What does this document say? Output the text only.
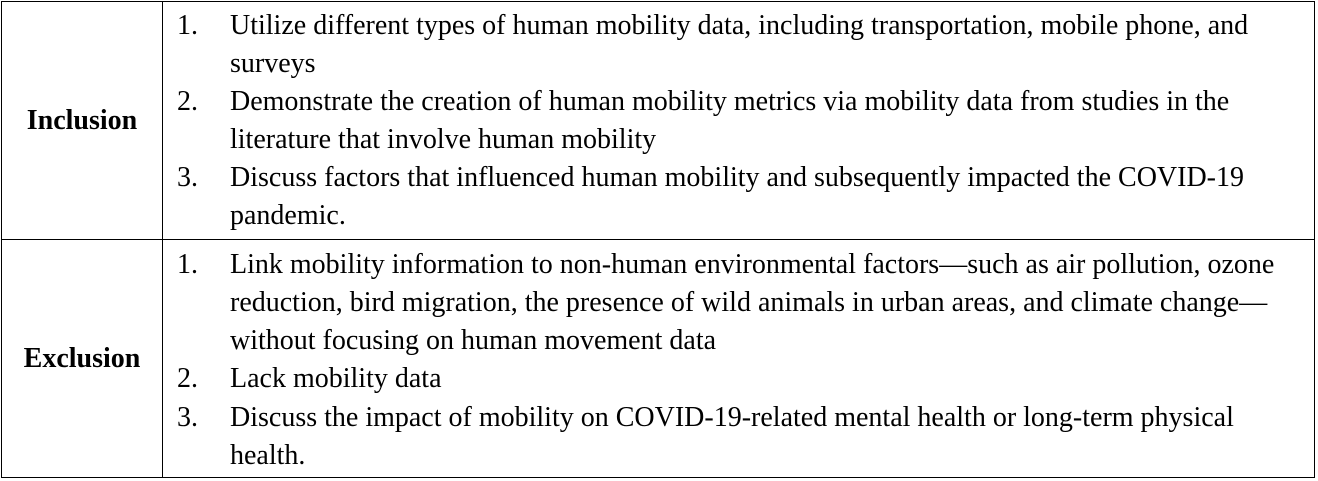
Inclusion
1.	Utilize different types of human mobility data, including transportation, mobile phone, and surveys
2.	Demonstrate the creation of human mobility metrics via mobility data from studies in the literature that involve human mobility
3.	Discuss factors that influenced human mobility and subsequently impacted the COVID-19 pandemic.
Exclusion
1.	Link mobility information to non-human environmental factors—such as air pollution, ozone reduction, bird migration, the presence of wild animals in urban areas, and climate change—without focusing on human movement data
2.	Lack mobility data
3.	Discuss the impact of mobility on COVID-19-related mental health or long-term physical health.
